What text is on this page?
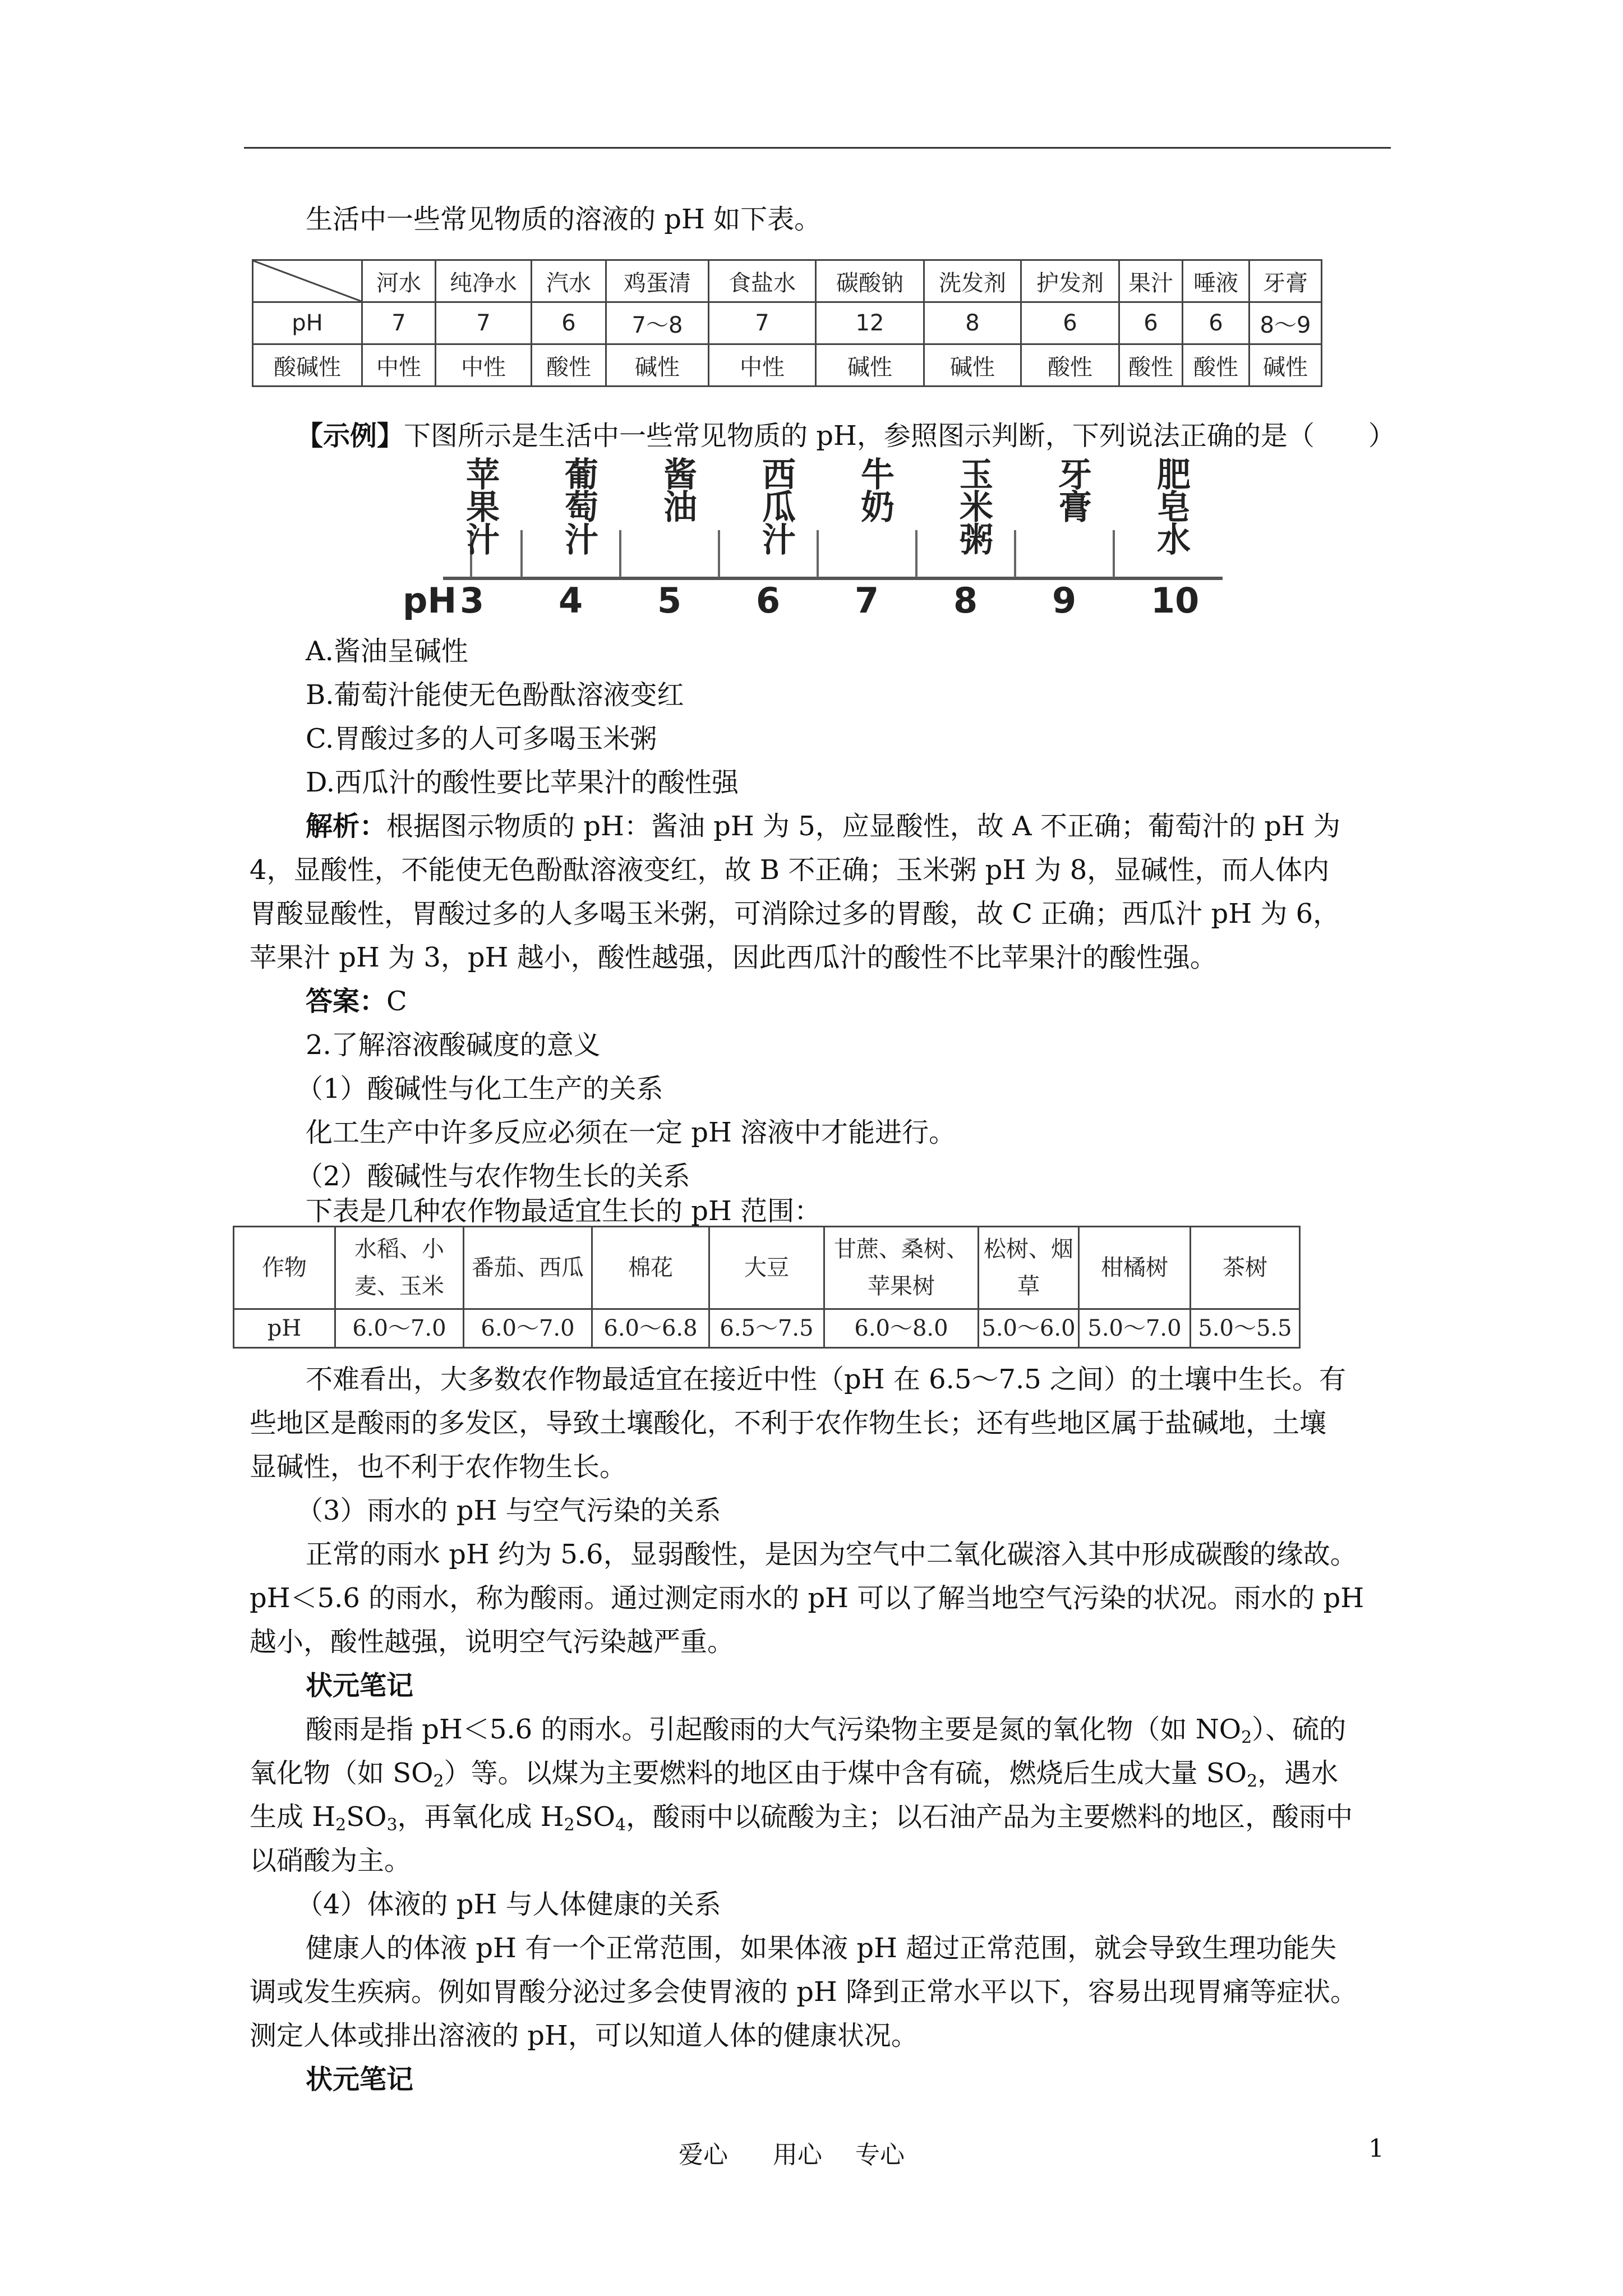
生活中一些常见物质的溶液的 pH 如下表。
	河水	纯净水	汽水	鸡蛋清	食盐水	碳酸钠	洗发剂	护发剂	果汁	唾液	牙膏
pH	7	7	6	7～8	7	12	8	6	6	6	8～9
酸碱性	中性	中性	酸性	碱性	中性	碱性	碱性	酸性	酸性	酸性	碱性
【示例】下图所示是生活中一些常见物质的 pH，参照图示判断，下列说法正确的是（　　）
pH 3 4 5 6 7 8 9 10
苹
果
汁
葡
萄
汁
酱
油
西
瓜
汁
牛
奶
玉
米
粥
牙
膏
肥
皂
水
A.酱油呈碱性
B.葡萄汁能使无色酚酞溶液变红
C.胃酸过多的人可多喝玉米粥
D.西瓜汁的酸性要比苹果汁的酸性强
解析：根据图示物质的 pH：酱油 pH 为 5，应显酸性，故 A 不正确；葡萄汁的 pH 为
4，显酸性，不能使无色酚酞溶液变红，故 B 不正确；玉米粥 pH 为 8，显碱性，而人体内
胃酸显酸性，胃酸过多的人多喝玉米粥，可消除过多的胃酸，故 C 正确；西瓜汁 pH 为 6，
苹果汁 pH 为 3，pH 越小，酸性越强，因此西瓜汁的酸性不比苹果汁的酸性强。
答案：C
2.了解溶液酸碱度的意义
（1）酸碱性与化工生产的关系
化工生产中许多反应必须在一定 pH 溶液中才能进行。
（2）酸碱性与农作物生长的关系
下表是几种农作物最适宜生长的 pH 范围：
作物	水稻、小麦、玉米	番茄、西瓜	棉花	大豆	甘蔗、桑树、苹果树	松树、烟草	柑橘树	茶树
pH	6.0～7.0	6.0～7.0	6.0～6.8	6.5～7.5	6.0～8.0	5.0～6.0	5.0～7.0	5.0～5.5
不难看出，大多数农作物最适宜在接近中性（pH 在 6.5～7.5 之间）的土壤中生长。有
些地区是酸雨的多发区，导致土壤酸化，不利于农作物生长；还有些地区属于盐碱地，土壤
显碱性，也不利于农作物生长。
（3）雨水的 pH 与空气污染的关系
正常的雨水 pH 约为 5.6，显弱酸性，是因为空气中二氧化碳溶入其中形成碳酸的缘故。
pH＜5.6 的雨水，称为酸雨。通过测定雨水的 pH 可以了解当地空气污染的状况。雨水的 pH
越小，酸性越强，说明空气污染越严重。
状元笔记
酸雨是指 pH＜5.6 的雨水。引起酸雨的大气污染物主要是氮的氧化物（如 $NO_2$）、硫的
氧化物（如 $SO_2$）等。以煤为主要燃料的地区由于煤中含有硫，燃烧后生成大量 $SO_2$，遇水
生成 $H_2SO_3$，再氧化成 $H_2SO_4$，酸雨中以硫酸为主；以石油产品为主要燃料的地区，酸雨中
以硝酸为主。
（4）体液的 pH 与人体健康的关系
健康人的体液 pH 有一个正常范围，如果体液 pH 超过正常范围，就会导致生理功能失
调或发生疾病。例如胃酸分泌过多会使胃液的 pH 降到正常水平以下，容易出现胃痛等症状。
测定人体或排出溶液的 pH，可以知道人体的健康状况。
状元笔记
爱心 用心 专心	1
